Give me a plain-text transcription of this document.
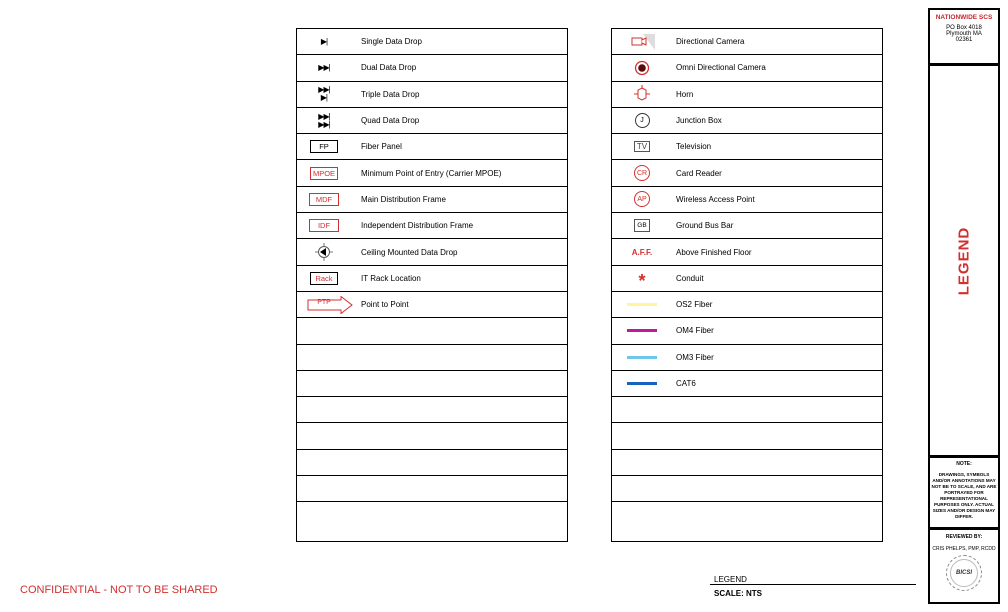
▶|	Single Data Drop
▶▶|	Dual Data Drop
▶▶|
▶|	Triple Data Drop
▶▶|
▶▶|	Quad Data Drop
FP	Fiber Panel
MPOE	Minimum Point of Entry (Carrier MPOE)
MDF	Main Distribution Frame
IDF	Independent Distribution Frame
Ceiling Mounted Data Drop
Rack	IT Rack Location
PTP	Point to Point
Directional Camera
Omni Directional Camera
Horn
J	Junction Box
TV	Television
CR	Card Reader
AP	Wireless Access Point
GB	Ground Bus Bar
A.F.F.	Above Finished Floor
*	Conduit
OS2 Fiber
OM4 Fiber
OM3 Fiber
CAT6
CONFIDENTIAL - NOT TO BE SHARED
LEGEND
SCALE: NTS
NATIONWIDE SCS
PO Box 4018
Plymouth MA
02361
LEGEND
NOTE:
DRAWINGS, SYMBOLS AND/OR ANNOTATIONS MAY NOT BE TO SCALE, AND ARE PORTRAYED FOR REPRESENTATIONAL PURPOSES ONLY. ACTUAL SIZES AND/OR DESIGN MAY DIFFER.
REVIEWED BY:
CRIS PHELPS, PMP, RCDD
BICSI
